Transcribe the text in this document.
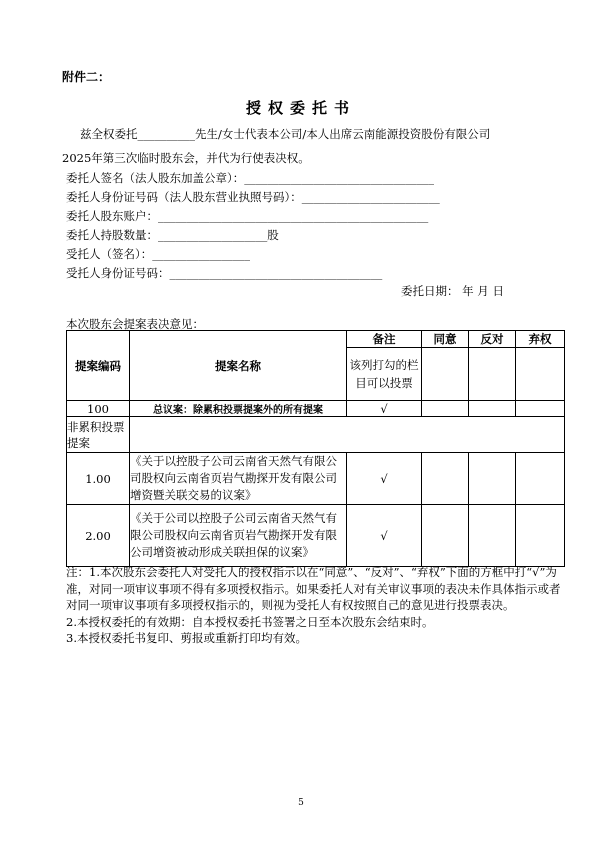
附件二：
授权委托书
兹全权委托__________先生/女士代表本公司/本人出席云南能源投资股份有限公司
2025年第三次临时股东会，并代为行使表决权。
委托人签名（法人股东加盖公章）：_________________________________
委托人身份证号码（法人股东营业执照号码）：________________________
委托人股东账户：_______________________________________________
委托人持股数量：___________________股
受托人（签名）：_________________
受托人身份证号码：_____________________________________
委托日期： 年 月 日
本次股东会提案表决意见：
提案编码	提案名称	备注	同意	反对	弃权
		该列打勾的栏目可以投票			
100	总议案：除累积投票提案外的所有提案	√			
非累积投票提案					
1.00	《关于以控股子公司云南省天然气有限公司股权向云南省页岩气勘探开发有限公司增资暨关联交易的议案》	√			
2.00	《关于公司以控股子公司云南省天然气有限公司股权向云南省页岩气勘探开发有限公司增资被动形成关联担保的议案》	√			

注：1.本次股东会委托人对受托人的授权指示以在“同意”、“反对”、“弃权”下面的方框中打“√”为准，对同一项审议事项不得有多项授权指示。如果委托人对有关审议事项的表决未作具体指示或者对同一项审议事项有多项授权指示的，则视为受托人有权按照自己的意见进行投票表决。

2.本授权委托的有效期：自本授权委托书签署之日至本次股东会结束时。

3.本授权委托书复印、剪报或重新打印均有效。

5
